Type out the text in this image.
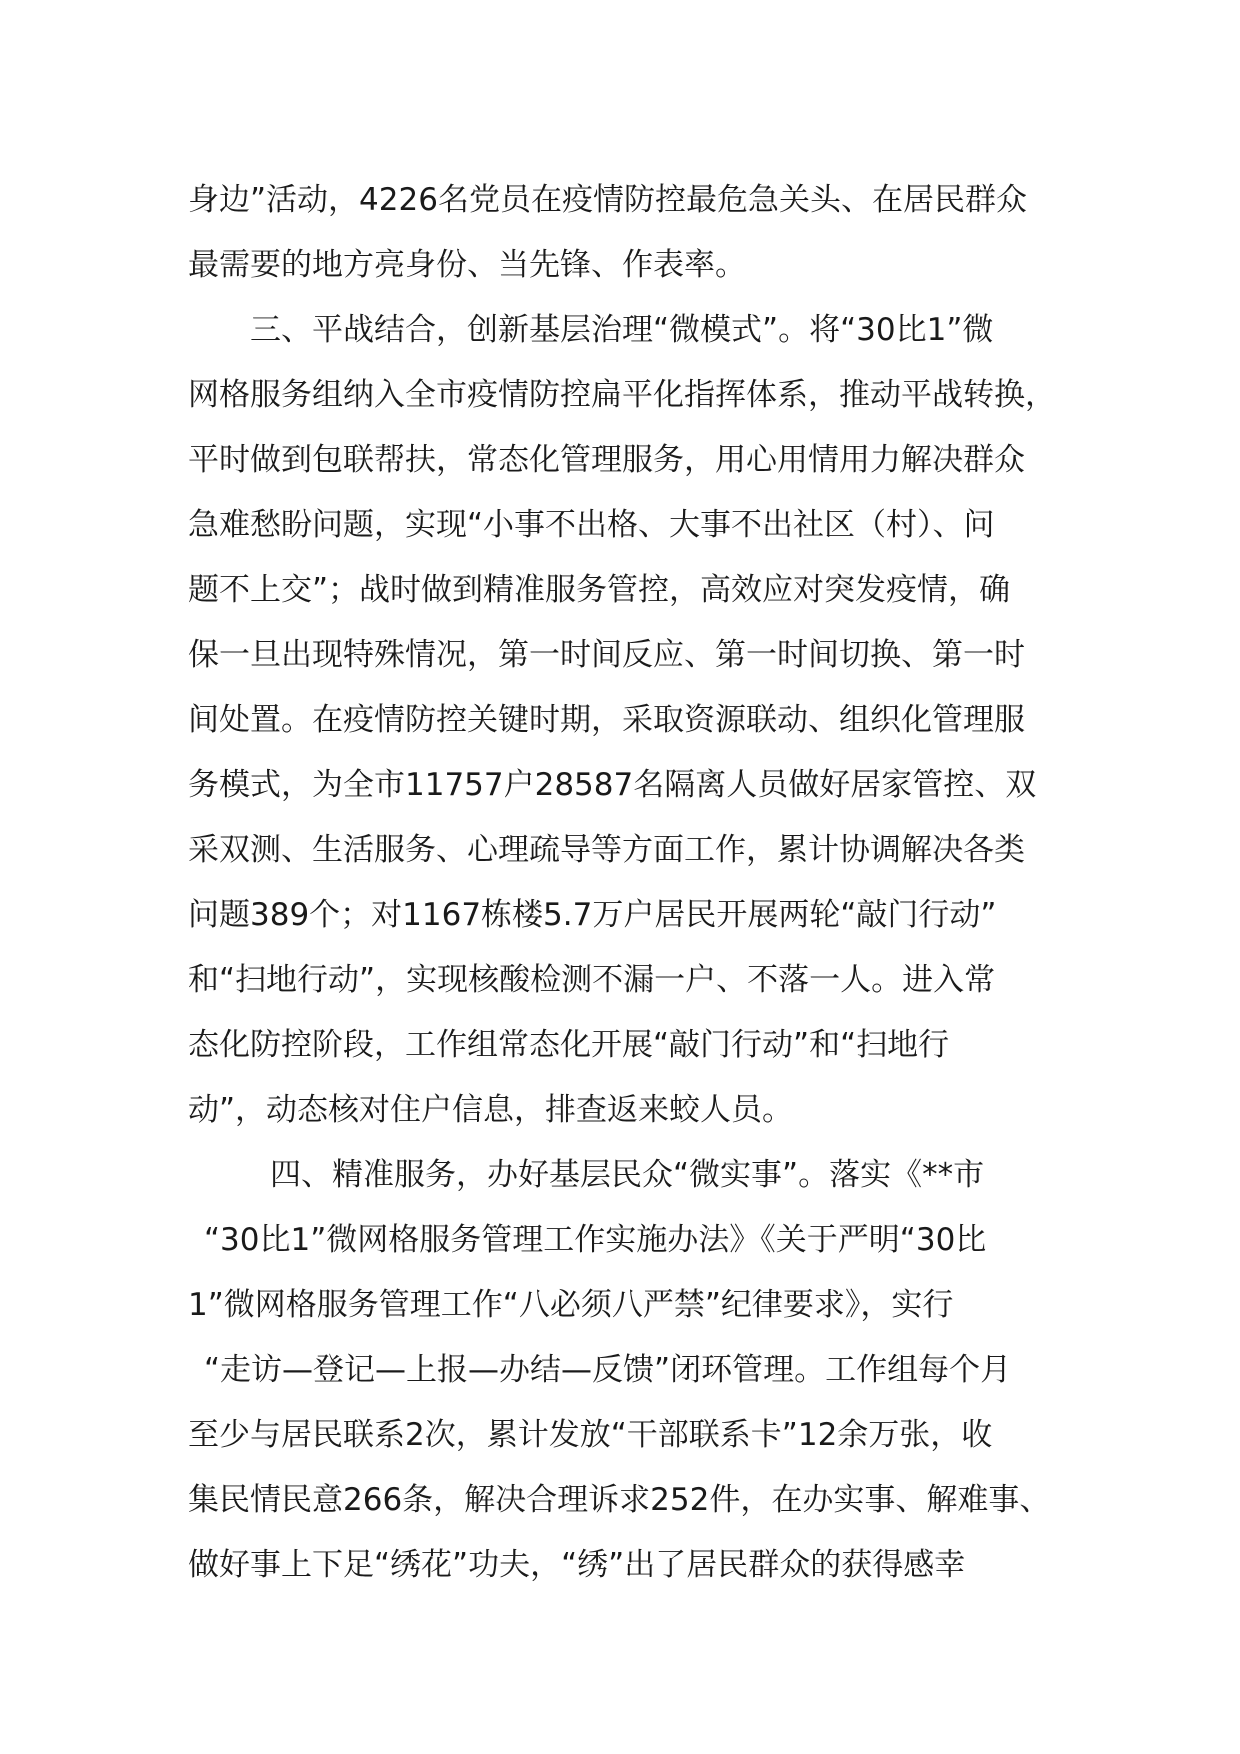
身边”活动，4226名党员在疫情防控最危急关头、在居民群众
最需要的地方亮身份、当先锋、作表率。
三、平战结合，创新基层治理“微模式”。将“30比1”微
网格服务组纳入全市疫情防控扁平化指挥体系，推动平战转换，
平时做到包联帮扶，常态化管理服务，用心用情用力解决群众
急难愁盼问题，实现“小事不出格、大事不出社区（村）、问
题不上交”；战时做到精准服务管控，高效应对突发疫情，确
保一旦出现特殊情况，第一时间反应、第一时间切换、第一时
间处置。在疫情防控关键时期，采取资源联动、组织化管理服
务模式，为全市11757户28587名隔离人员做好居家管控、双
采双测、生活服务、心理疏导等方面工作，累计协调解决各类
问题389个；对1167栋楼5.7万户居民开展两轮“敲门行动”
和“扫地行动”，实现核酸检测不漏一户、不落一人。进入常
态化防控阶段，工作组常态化开展“敲门行动”和“扫地行
动”，动态核对住户信息，排查返来蛟人员。
四、精准服务，办好基层民众“微实事”。落实《**市
“30比1”微网格服务管理工作实施办法》《关于严明“30比
1”微网格服务管理工作“八必须八严禁”纪律要求》，实行
“走访—登记—上报—办结—反馈”闭环管理。工作组每个月
至少与居民联系2次，累计发放“干部联系卡”12余万张，收
集民情民意266条，解决合理诉求252件，在办实事、解难事、
做好事上下足“绣花”功夫，“绣”出了居民群众的获得感幸
